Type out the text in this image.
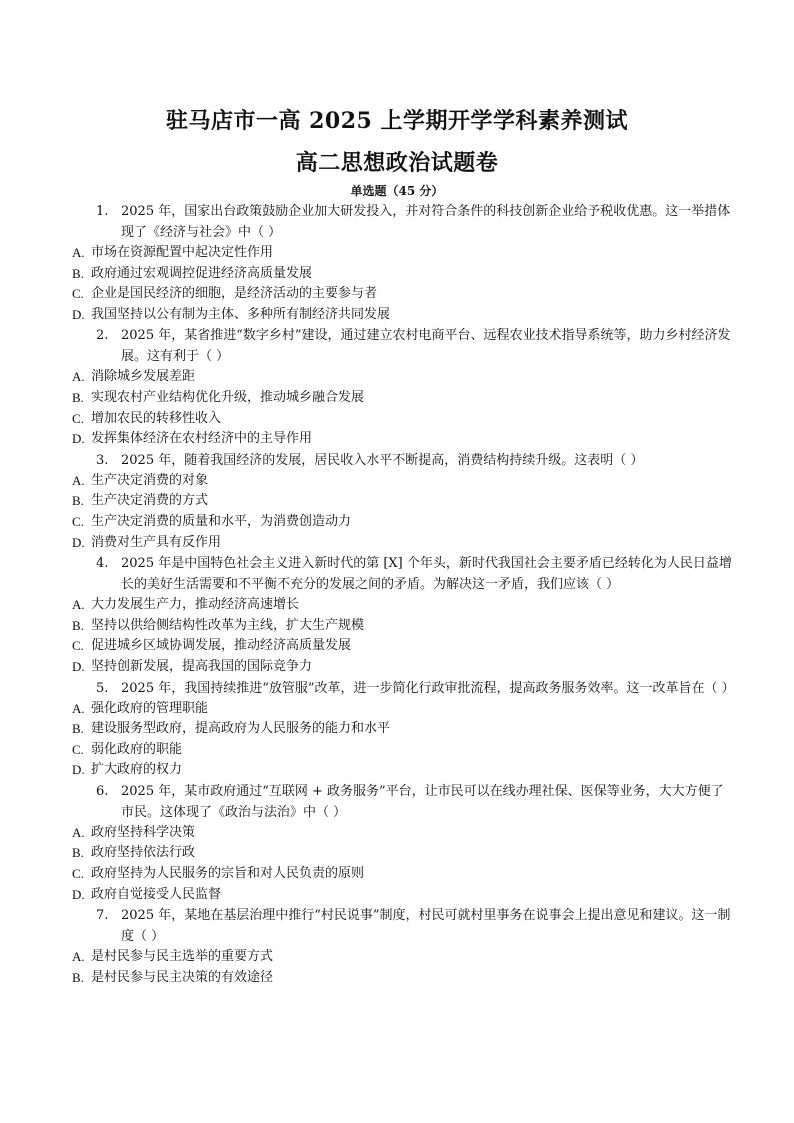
驻马店市一高 2025 上学期开学学科素养测试
高二思想政治试题卷
单选题（45 分）
1. 2025 年，国家出台政策鼓励企业加大研发投入，并对符合条件的科技创新企业给予税收优惠。这一举措体现了《经济与社会》中（ ）
A. 市场在资源配置中起决定性作用
B. 政府通过宏观调控促进经济高质量发展
C. 企业是国民经济的细胞，是经济活动的主要参与者
D. 我国坚持以公有制为主体、多种所有制经济共同发展
2. 2025 年，某省推进“数字乡村”建设，通过建立农村电商平台、远程农业技术指导系统等，助力乡村经济发展。这有利于（ ）
A. 消除城乡发展差距
B. 实现农村产业结构优化升级，推动城乡融合发展
C. 增加农民的转移性收入
D. 发挥集体经济在农村经济中的主导作用
3. 2025 年，随着我国经济的发展，居民收入水平不断提高，消费结构持续升级。这表明（ ）
A. 生产决定消费的对象
B. 生产决定消费的方式
C. 生产决定消费的质量和水平，为消费创造动力
D. 消费对生产具有反作用
4. 2025 年是中国特色社会主义进入新时代的第 [X] 个年头，新时代我国社会主要矛盾已经转化为人民日益增长的美好生活需要和不平衡不充分的发展之间的矛盾。为解决这一矛盾，我们应该（ ）
A. 大力发展生产力，推动经济高速增长
B. 坚持以供给侧结构性改革为主线，扩大生产规模
C. 促进城乡区域协调发展，推动经济高质量发展
D. 坚持创新发展，提高我国的国际竞争力
5. 2025 年，我国持续推进“放管服”改革，进一步简化行政审批流程，提高政务服务效率。这一改革旨在（ ）
A. 强化政府的管理职能
B. 建设服务型政府，提高政府为人民服务的能力和水平
C. 弱化政府的职能
D. 扩大政府的权力
6. 2025 年，某市政府通过“互联网 + 政务服务”平台，让市民可以在线办理社保、医保等业务，大大方便了市民。这体现了《政治与法治》中（ ）
A. 政府坚持科学决策
B. 政府坚持依法行政
C. 政府坚持为人民服务的宗旨和对人民负责的原则
D. 政府自觉接受人民监督
7. 2025 年，某地在基层治理中推行“村民说事”制度，村民可就村里事务在说事会上提出意见和建议。这一制度（ ）
A. 是村民参与民主选举的重要方式
B. 是村民参与民主决策的有效途径
